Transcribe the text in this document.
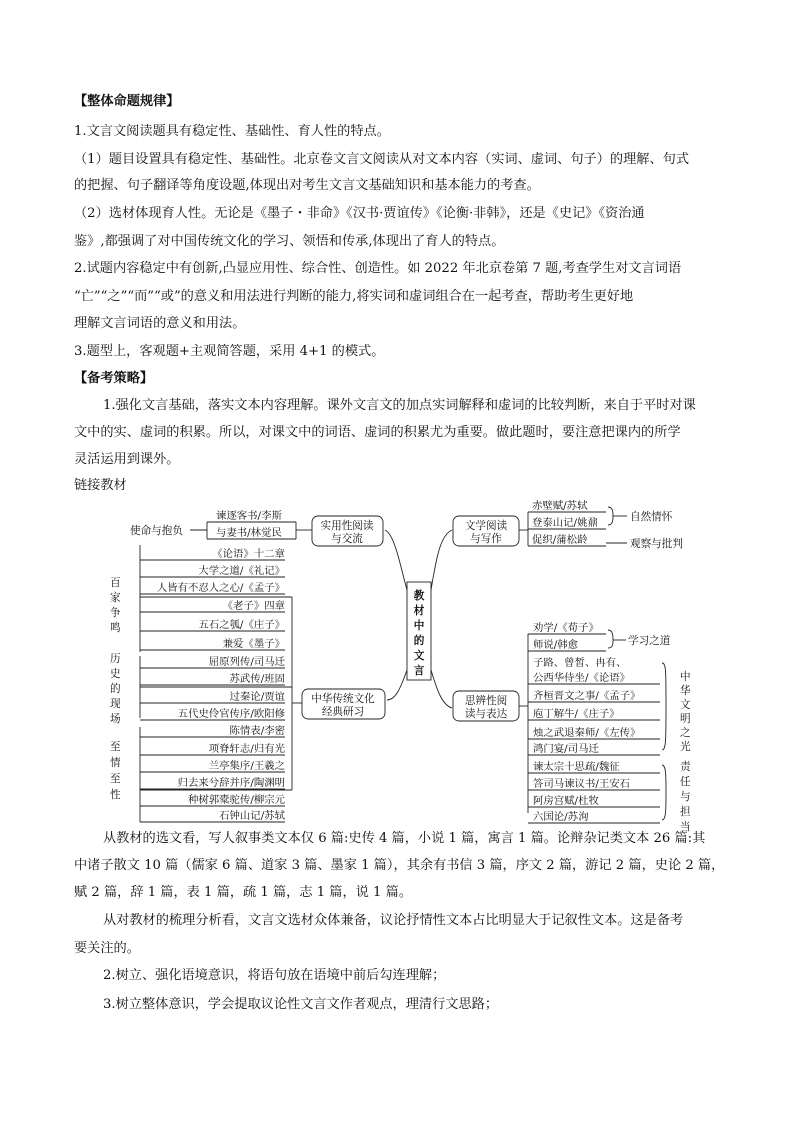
【整体命题规律】
1.文言文阅读题具有稳定性、基础性、育人性的特点。
（1）题目设置具有稳定性、基础性。北京卷文言文阅读从对文本内容（实词、虚词、句子）的理解、句式
的把握、句子翻译等角度设题,体现出对考生文言文基础知识和基本能力的考查。
（2）选材体现育人性。无论是《墨子・非命》《汉书·贾谊传》《论衡·非韩》，还是《史记》《资治通
鉴》,都强调了对中国传统文化的学习、领悟和传承,体现出了育人的特点。
2.试题内容稳定中有创新,凸显应用性、综合性、创造性。如 2022 年北京卷第 7 题,考查学生对文言词语
“亡”“之”“而”“或”的意义和用法进行判断的能力,将实词和虚词组合在一起考查，帮助考生更好地
理解文言词语的意义和用法。
3.题型上，客观题+主观简答题，采用 4+1 的模式。
【备考策略】
1.强化文言基础，落实文本内容理解。课外文言文的加点实词解释和虚词的比较判断，来自于平时对课
文中的实、虚词的积累。所以，对课文中的词语、虚词的积累尤为重要。做此题时，要注意把课内的所学
灵活运用到课外。
链接教材
教
材
中
的
文
言
实用性阅读
与交流
使命与抱负
谏逐客书/李斯
与妻书/林觉民
文学阅读
与写作
赤壁赋/苏轼
登泰山记/姚鼐
促织/蒲松龄
自然情怀
观察与批判
中华传统文化
经典研习
百家争鸣
《论语》十二章
大学之道/《礼记》
人皆有不忍人之心/《孟子》
《老子》四章
五石之瓠/《庄子》
兼爱《墨子》
历史的现场
屈原列传/司马迁
苏武传/班固
过秦论/贾谊
五代史伶官传序/欧阳修
至情至性
陈情表/李密
项脊轩志/归有光
兰亭集序/王羲之
归去来兮辞并序/陶渊明
种树郭橐驼传/柳宗元
石钟山记/苏轼
思辨性阅
读与表达
劝学/《荀子》
师说/韩愈	学习之道
子路、曾皙、冉有、
公西华侍坐/《论语》
齐桓晋文之事/《孟子》
庖丁解牛/《庄子》
烛之武退秦师/《左传》
鸿门宴/司马迁
中华文明之光
谏太宗十思疏/魏征
答司马谏议书/王安石
阿房宫赋/杜牧
六国论/苏洵
责任与担当
从教材的选文看，写人叙事类文本仅 6 篇:史传 4 篇，小说 1 篇，寓言 1 篇。论辩杂记类文本 26 篇:其
中诸子散文 10 篇（儒家 6 篇、道家 3 篇、墨家 1 篇），其余有书信 3 篇，序文 2 篇，游记 2 篇，史论 2 篇，
赋 2 篇，辞 1 篇，表 1 篇，疏 1 篇，志 1 篇，说 1 篇。
从对教材的梳理分析看，文言文选材众体兼备，议论抒情性文本占比明显大于记叙性文本。这是备考
要关注的。
2.树立、强化语境意识，将语句放在语境中前后勾连理解；
3.树立整体意识，学会提取议论性文言文作者观点，理清行文思路；
